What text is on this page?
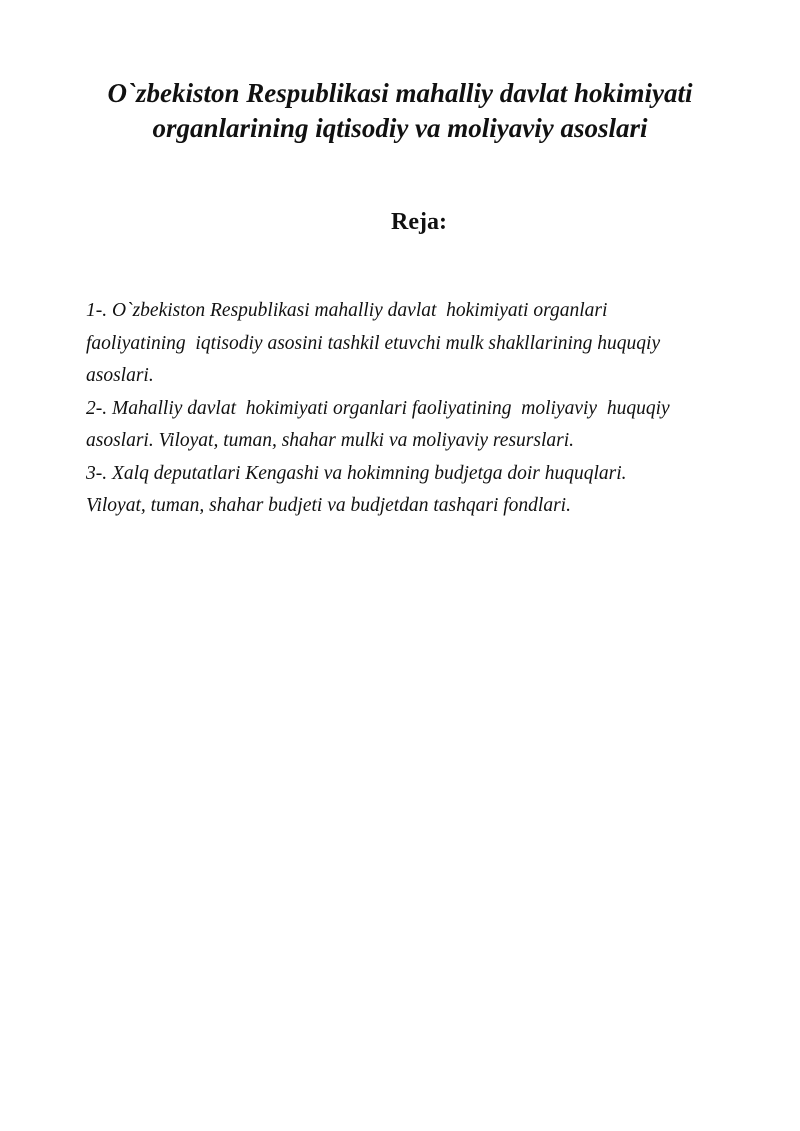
O`zbekiston Respublikasi mahalliy davlat hokimiyati
organlarining iqtisodiy va moliyaviy asoslari
Reja:
1-. O`zbekiston Respublikasi mahalliy davlat  hokimiyati organlari
faoliyatining  iqtisodiy asosini tashkil etuvchi mulk shakllarining huquqiy
asoslari.
2-. Mahalliy davlat  hokimiyati organlari faoliyatining  moliyaviy  huquqiy
asoslari. Viloyat, tuman, shahar mulki va moliyaviy resurslari.
3-. Xalq deputatlari Kengashi va hokimning budjetga doir huquqlari.
Viloyat, tuman, shahar budjeti va budjetdan tashqari fondlari.
